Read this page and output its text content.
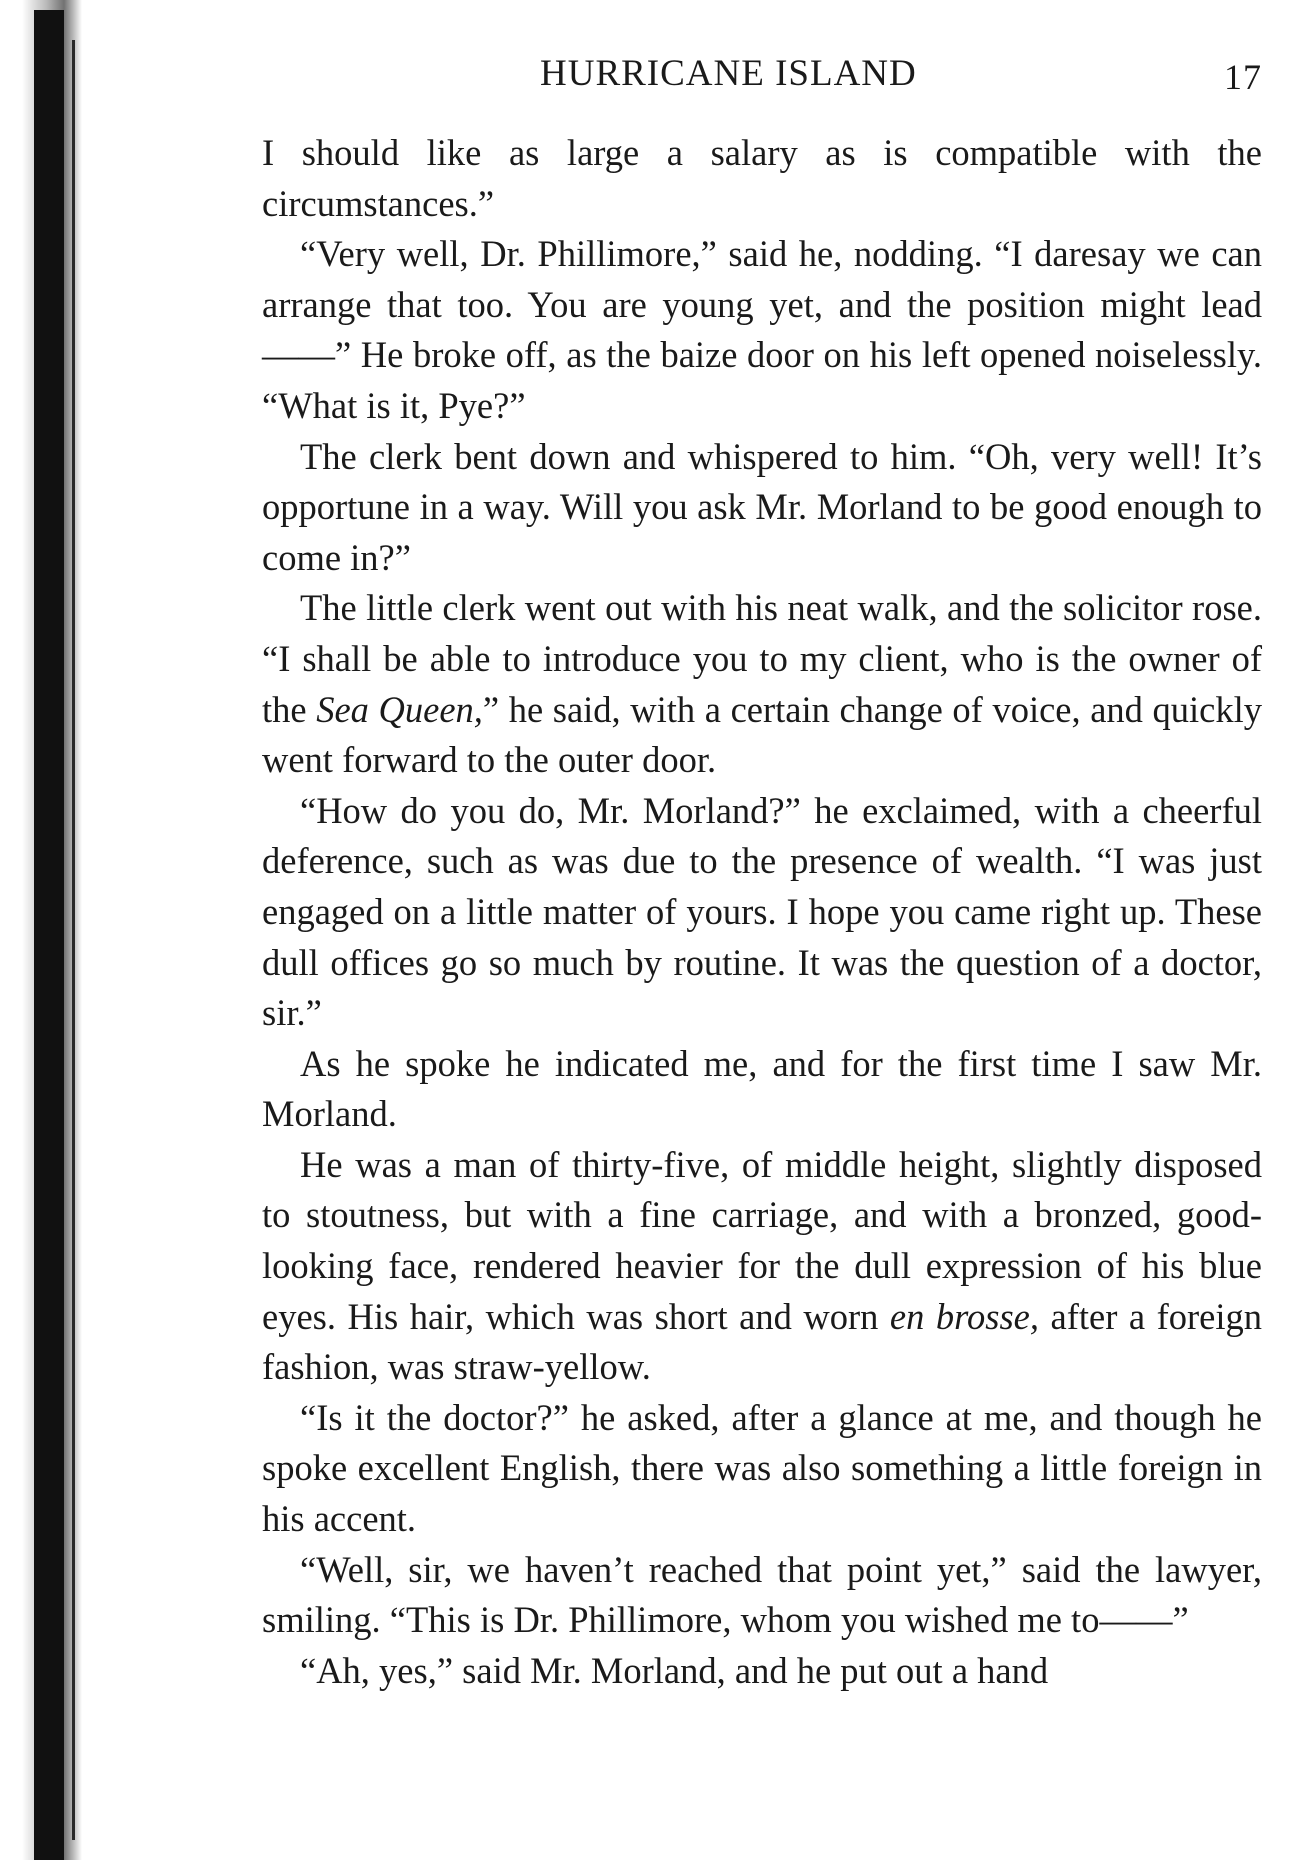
HURRICANE ISLAND	17

I should like as large a salary as is compatible with the circumstances.”

“Very well, Dr. Phillimore,” said he, nodding. “I daresay we can arrange that too. You are young yet, and the position might lead——” He broke off, as the baize door on his left opened noiselessly. “What is it, Pye?”

The clerk bent down and whispered to him. “Oh, very well! It’s opportune in a way. Will you ask Mr. Morland to be good enough to come in?”

The little clerk went out with his neat walk, and the solicitor rose. “I shall be able to introduce you to my client, who is the owner of the Sea Queen,” he said, with a certain change of voice, and quickly went forward to the outer door.

“How do you do, Mr. Morland?” he exclaimed, with a cheerful deference, such as was due to the presence of wealth. “I was just engaged on a little matter of yours. I hope you came right up. These dull offices go so much by routine. It was the question of a doctor, sir.”

As he spoke he indicated me, and for the first time I saw Mr. Morland.

He was a man of thirty-five, of middle height, slightly disposed to stoutness, but with a fine carriage, and with a bronzed, good-looking face, rendered heavier for the dull expression of his blue eyes. His hair, which was short and worn en brosse, after a foreign fashion, was straw-yellow.

“Is it the doctor?” he asked, after a glance at me, and though he spoke excellent English, there was also something a little foreign in his accent.

“Well, sir, we haven’t reached that point yet,” said the lawyer, smiling. “This is Dr. Phillimore, whom you wished me to——”

“Ah, yes,” said Mr. Morland, and he put out a hand
